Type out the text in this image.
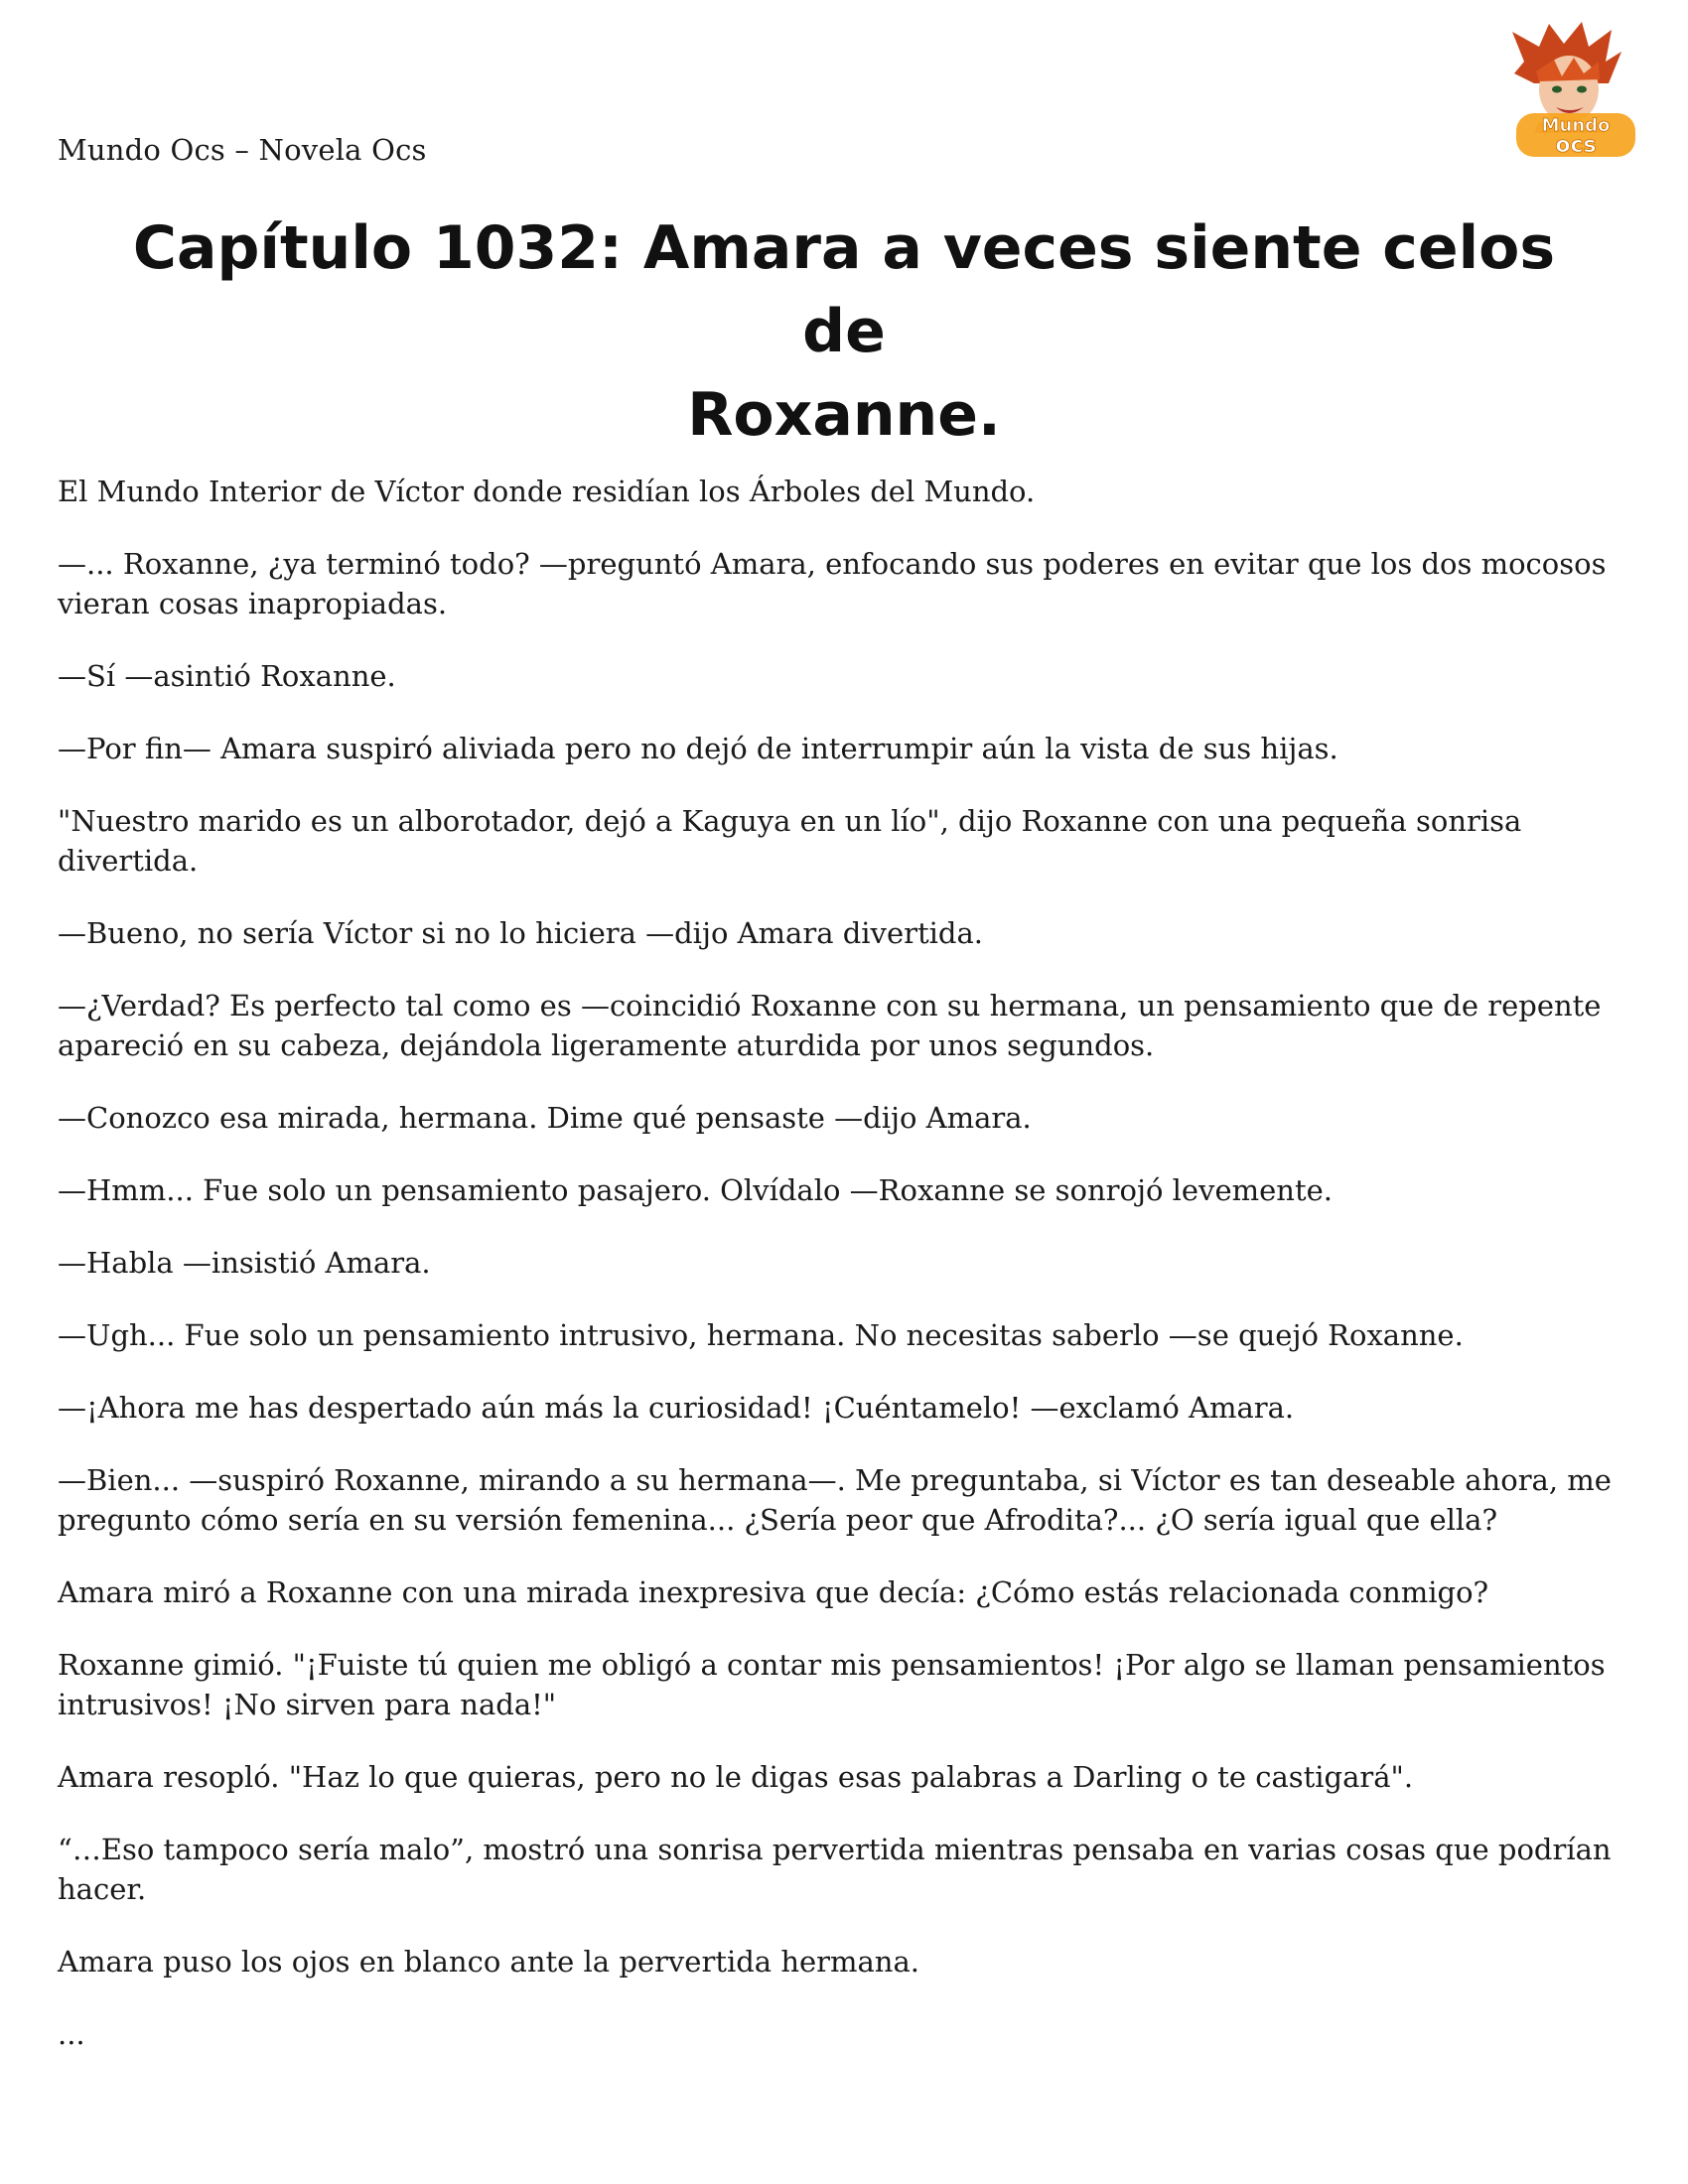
Mundo Ocs – Novela Ocs
Mundo
ocs
Capítulo 1032: Amara a veces siente celos de
Roxanne.

El Mundo Interior de Víctor donde residían los Árboles del Mundo.

—... Roxanne, ¿ya terminó todo? —preguntó Amara, enfocando sus poderes en evitar que los dos mocosos vieran cosas inapropiadas.

—Sí —asintió Roxanne.

—Por fin— Amara suspiró aliviada pero no dejó de interrumpir aún la vista de sus hijas.

"Nuestro marido es un alborotador, dejó a Kaguya en un lío", dijo Roxanne con una pequeña sonrisa divertida.

—Bueno, no sería Víctor si no lo hiciera —dijo Amara divertida.

—¿Verdad? Es perfecto tal como es —coincidió Roxanne con su hermana, un pensamiento que de repente apareció en su cabeza, dejándola ligeramente aturdida por unos segundos.

—Conozco esa mirada, hermana. Dime qué pensaste —dijo Amara.

—Hmm... Fue solo un pensamiento pasajero. Olvídalo —Roxanne se sonrojó levemente.

—Habla —insistió Amara.

—Ugh... Fue solo un pensamiento intrusivo, hermana. No necesitas saberlo —se quejó Roxanne.

—¡Ahora me has despertado aún más la curiosidad! ¡Cuéntamelo! —exclamó Amara.

—Bien... —suspiró Roxanne, mirando a su hermana—. Me preguntaba, si Víctor es tan deseable ahora, me pregunto cómo sería en su versión femenina... ¿Sería peor que Afrodita?... ¿O sería igual que ella?

Amara miró a Roxanne con una mirada inexpresiva que decía: ¿Cómo estás relacionada conmigo?

Roxanne gimió. "¡Fuiste tú quien me obligó a contar mis pensamientos! ¡Por algo se llaman pensamientos intrusivos! ¡No sirven para nada!"

Amara resopló. "Haz lo que quieras, pero no le digas esas palabras a Darling o te castigará".

“…Eso tampoco sería malo”, mostró una sonrisa pervertida mientras pensaba en varias cosas que podrían hacer.

Amara puso los ojos en blanco ante la pervertida hermana.

...
